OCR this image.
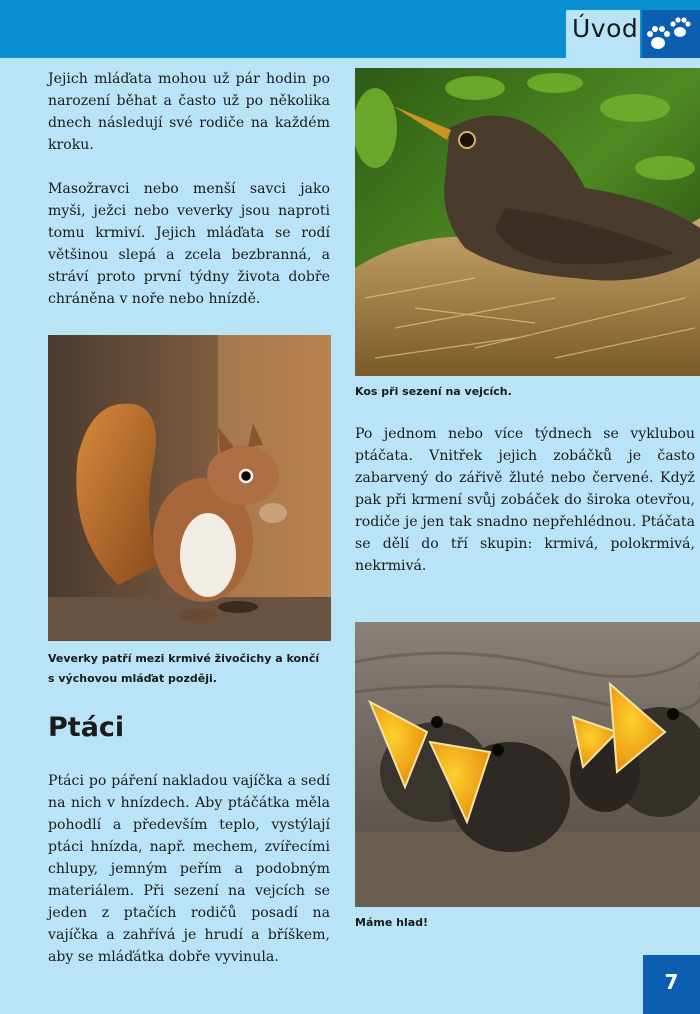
Úvod

Jejich mláďata mohou už pár hodin po narození běhat a často už po několika dnech následují své rodiče na každém kroku.

Masožravci nebo menší savci jako myši, ježci nebo veverky jsou naproti tomu krmiví. Jejich mláďata se rodí většinou slepá a zcela bezbranná, a stráví proto první týdny života dobře chráněna v noře nebo hnízdě.

Kos při sezení na vejcích.

Po jednom nebo více týdnech se vyklubou ptáčata. Vnitřek jejich zobáčků je často zabarvený do zářivě žluté nebo červené. Když pak při krmení svůj zobáček do široka otevřou, rodiče je jen tak snadno nepřehlédnou. Ptáčata se dělí do tří skupin: krmivá, polokrmivá, nekrmivá.

Veverky patří mezi krmivé živočichy a končí

s výchovou mláďat později.

Ptáci

Ptáci po páření nakladou vajíčka a sedí na nich v hnízdech. Aby ptáčátka měla pohodlí a především teplo, vystýlají ptáci hnízda, např. mechem, zvířecími chlupy, jemným peřím a podobným materiálem. Při sezení na vejcích se jeden z ptačích rodičů posadí na vajíčka a zahřívá je hrudí a bříškem, aby se mláďátka dobře vyvinula.

Máme hlad!

7
